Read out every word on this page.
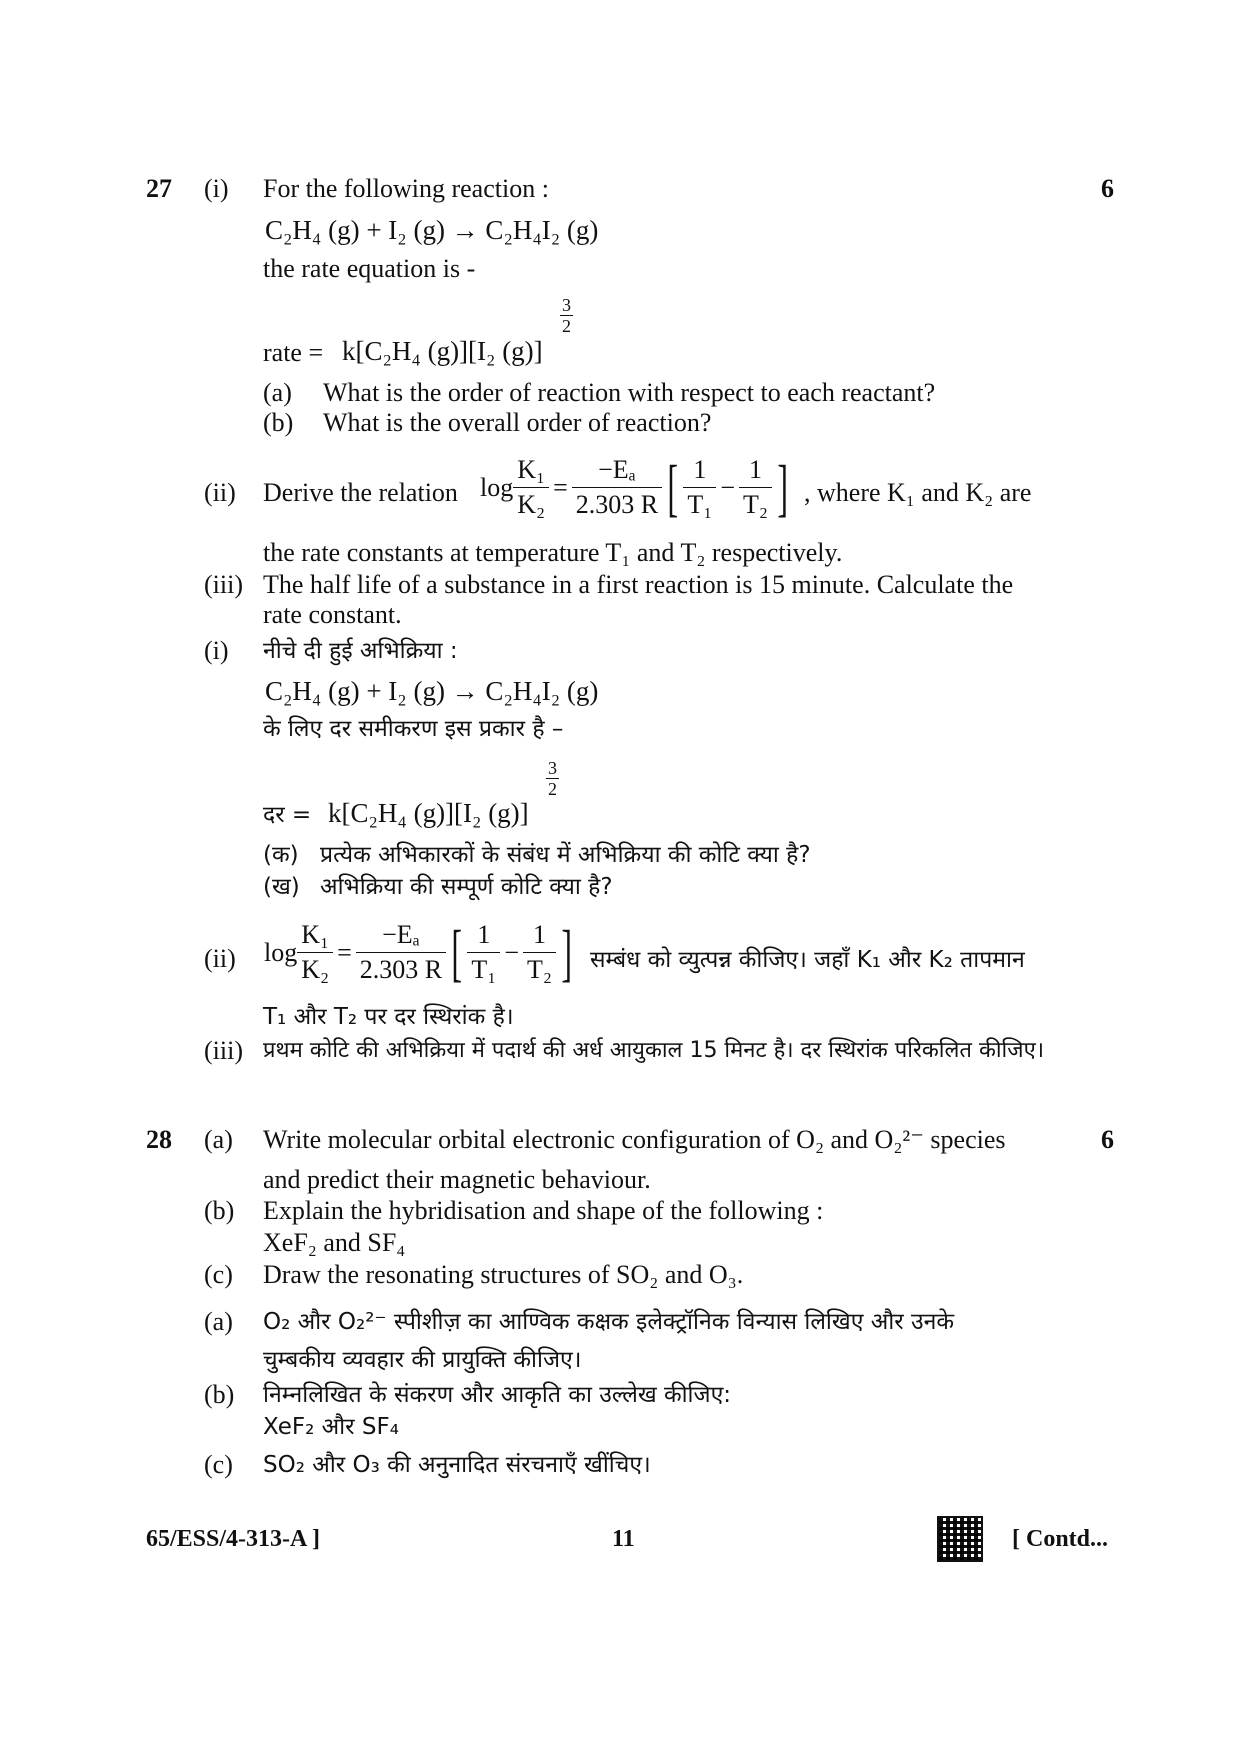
27 (i) For the following reaction :	6
C₂H₄ (g) + I₂ (g) → C₂H₄I₂ (g)
the rate equation is -
$\frac{3}{2}$
rate = k[C₂H₄ (g)][I₂ (g)]
(a) What is the order of reaction with respect to each reactant?
(b) What is the overall order of reaction?
(ii) Derive the relation $\log \frac{\text{K₁}}{\text{K₂}} = \frac{\text{−Eₐ}}{2.303 R}$ [ $\frac{1}{\text{T₁}} - \frac{1}{\text{T₂}}$ ] , where K₁ and K₂ are
the rate constants at temperature T₁ and T₂ respectively.
(iii) The half life of a substance in a first reaction is 15 minute. Calculate the
rate constant.
(i) नीचे दी हुई अभिक्रिया :
C₂H₄ (g) + I₂ (g) → C₂H₄I₂ (g)
के लिए दर समीकरण इस प्रकार है –
$\frac{3}{2}$
दर = k[C₂H₄ (g)][I₂ (g)]
(क) प्रत्येक अभिकारकों के संबंध में अभिक्रिया की कोटि क्या है?
(ख) अभिक्रिया की सम्पूर्ण कोटि क्या है?
(ii) $\log \frac{\text{K₁}}{\text{K₂}} = \frac{\text{−Eₐ}}{2.303 R}$ [ $\frac{1}{\text{T₁}} - \frac{1}{\text{T₂}}$ ] सम्बंध को व्युत्पन्न कीजिए। जहाँ K₁ और K₂ तापमान
T₁ और T₂ पर दर स्थिरांक है।
(iii) प्रथम कोटि की अभिक्रिया में पदार्थ की अर्ध आयुकाल 15 मिनट है। दर स्थिरांक परिकलित कीजिए।
28 (a) Write molecular orbital electronic configuration of O₂ and O₂²⁻ species	6
and predict their magnetic behaviour.
(b) Explain the hybridisation and shape of the following :
XeF₂ and SF₄
(c) Draw the resonating structures of SO₂ and O₃.
(a) O₂ और O₂²⁻ स्पीशीज़ का आण्विक कक्षक इलेक्ट्रॉनिक विन्यास लिखिए और उनके
चुम्बकीय व्यवहार की प्रायुक्ति कीजिए।
(b) निम्नलिखित के संकरण और आकृति का उल्लेख कीजिए:
XeF₂ और SF₄
(c) SO₂ और O₃ की अनुनादित संरचनाएँ खींचिए।
65/ESS/4-313-A ]	11	[ Contd...
